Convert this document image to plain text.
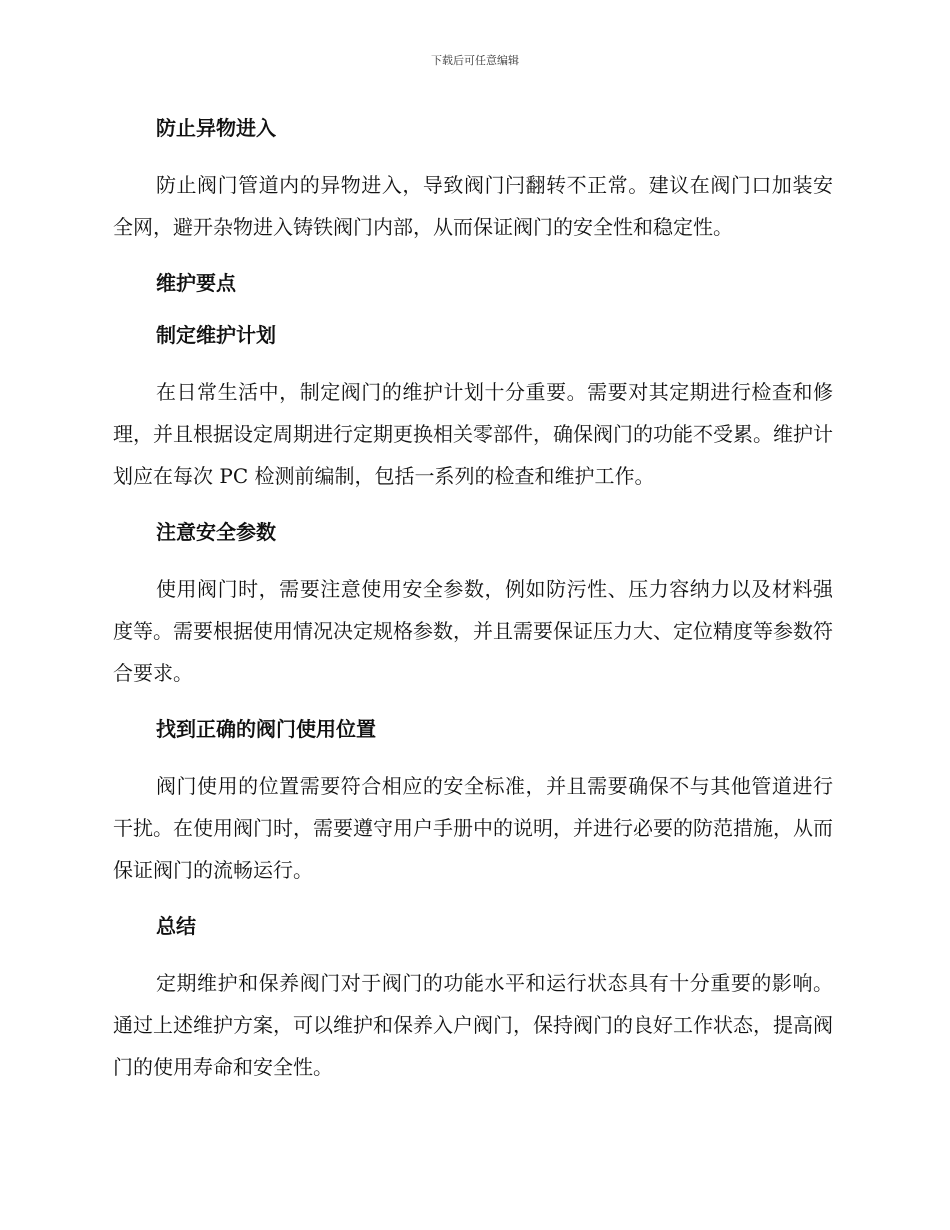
下载后可任意编辑
防止异物进入

防止阀门管道内的异物进入，导致阀门闩翻转不正常。建议在阀门口加装安全网，避开杂物进入铸铁阀门内部，从而保证阀门的安全性和稳定性。

维护要点
制定维护计划

在日常生活中，制定阀门的维护计划十分重要。需要对其定期进行检查和修理，并且根据设定周期进行定期更换相关零部件，确保阀门的功能不受累。维护计划应在每次 PC 检测前编制，包括一系列的检查和维护工作。

注意安全参数

使用阀门时，需要注意使用安全参数，例如防污性、压力容纳力以及材料强度等。需要根据使用情况决定规格参数，并且需要保证压力大、定位精度等参数符合要求。

找到正确的阀门使用位置

阀门使用的位置需要符合相应的安全标准，并且需要确保不与其他管道进行干扰。在使用阀门时，需要遵守用户手册中的说明，并进行必要的防范措施，从而保证阀门的流畅运行。

总结

定期维护和保养阀门对于阀门的功能水平和运行状态具有十分重要的影响。通过上述维护方案，可以维护和保养入户阀门，保持阀门的良好工作状态，提高阀门的使用寿命和安全性。
